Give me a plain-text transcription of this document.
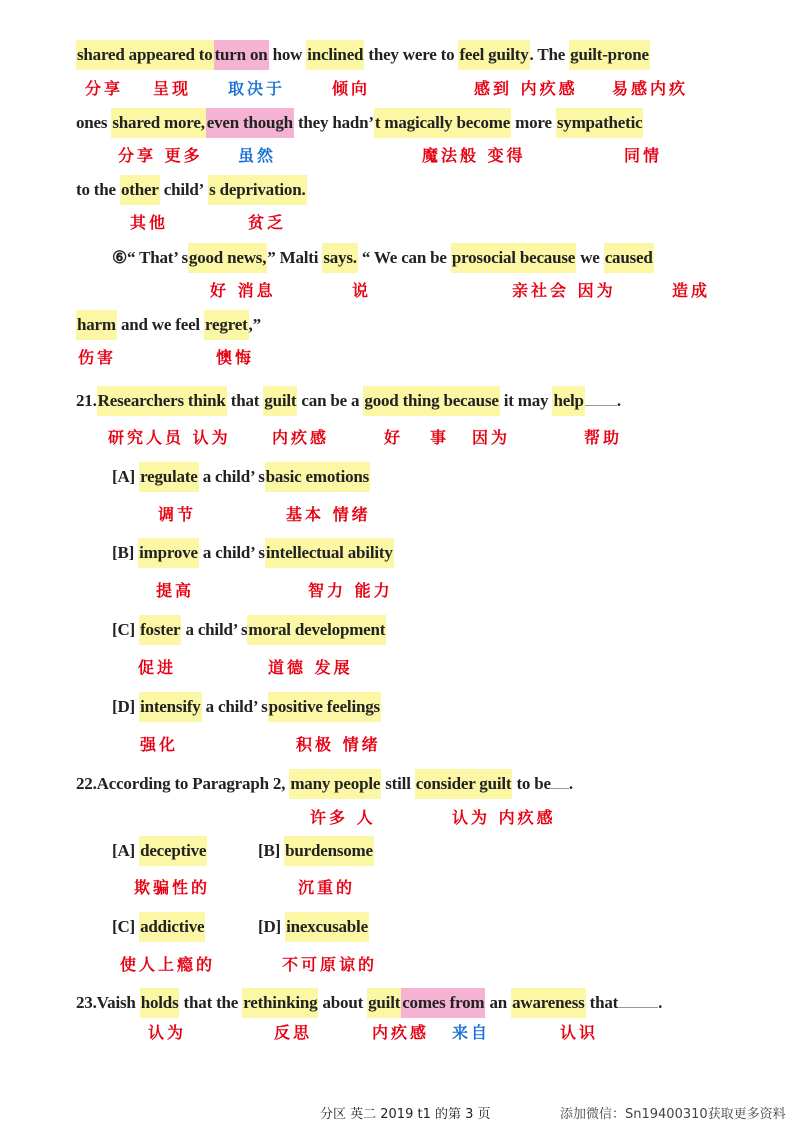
shared appeared to turn on how inclined they were to feel guilty. The guilt-prone
分享 呈现 取决于	倾向	感到 内疚感 易感内疚
ones shared more, even though they hadn’t magically become more sympathetic
分享 更多 虽然	魔法般 变得	同情
to the other child’ s deprivation.
其他	贫乏
⑥“ That’ sgood news,” Malti says. “ We can be prosocial because we caused
好 消息	说	亲社会 因为	造成
harm and we feel regret,”
伤害	懊悔
21.Researchers think that guilt can be a good thing because it may help .
研究人员 认为	内疚感	好 事 因为	帮助
[A] regulate a child’ sbasic emotions
调节	基本 情绪
[B] improve a child’ sintellectual ability
提高	智力 能力
[C] foster a child’ smoral development
促进	道德 发展
[D] intensify a child’ spositive feelings
强化	积极 情绪
22.According to Paragraph 2, many people still consider guilt to be .
许多 人	认为 内疚感
[A] deceptive	[B] burdensome
欺骗性的	沉重的
[C] addictive	[D] inexcusable
使人上瘾的	不可原谅的
23.Vaish holds that the rethinking about guilt comes from an awareness that .
认为	反思	内疚感 来自	认识
分区 英二 2019 t1 的第 3 页	添加微信：Sn19400310获取更多资料
